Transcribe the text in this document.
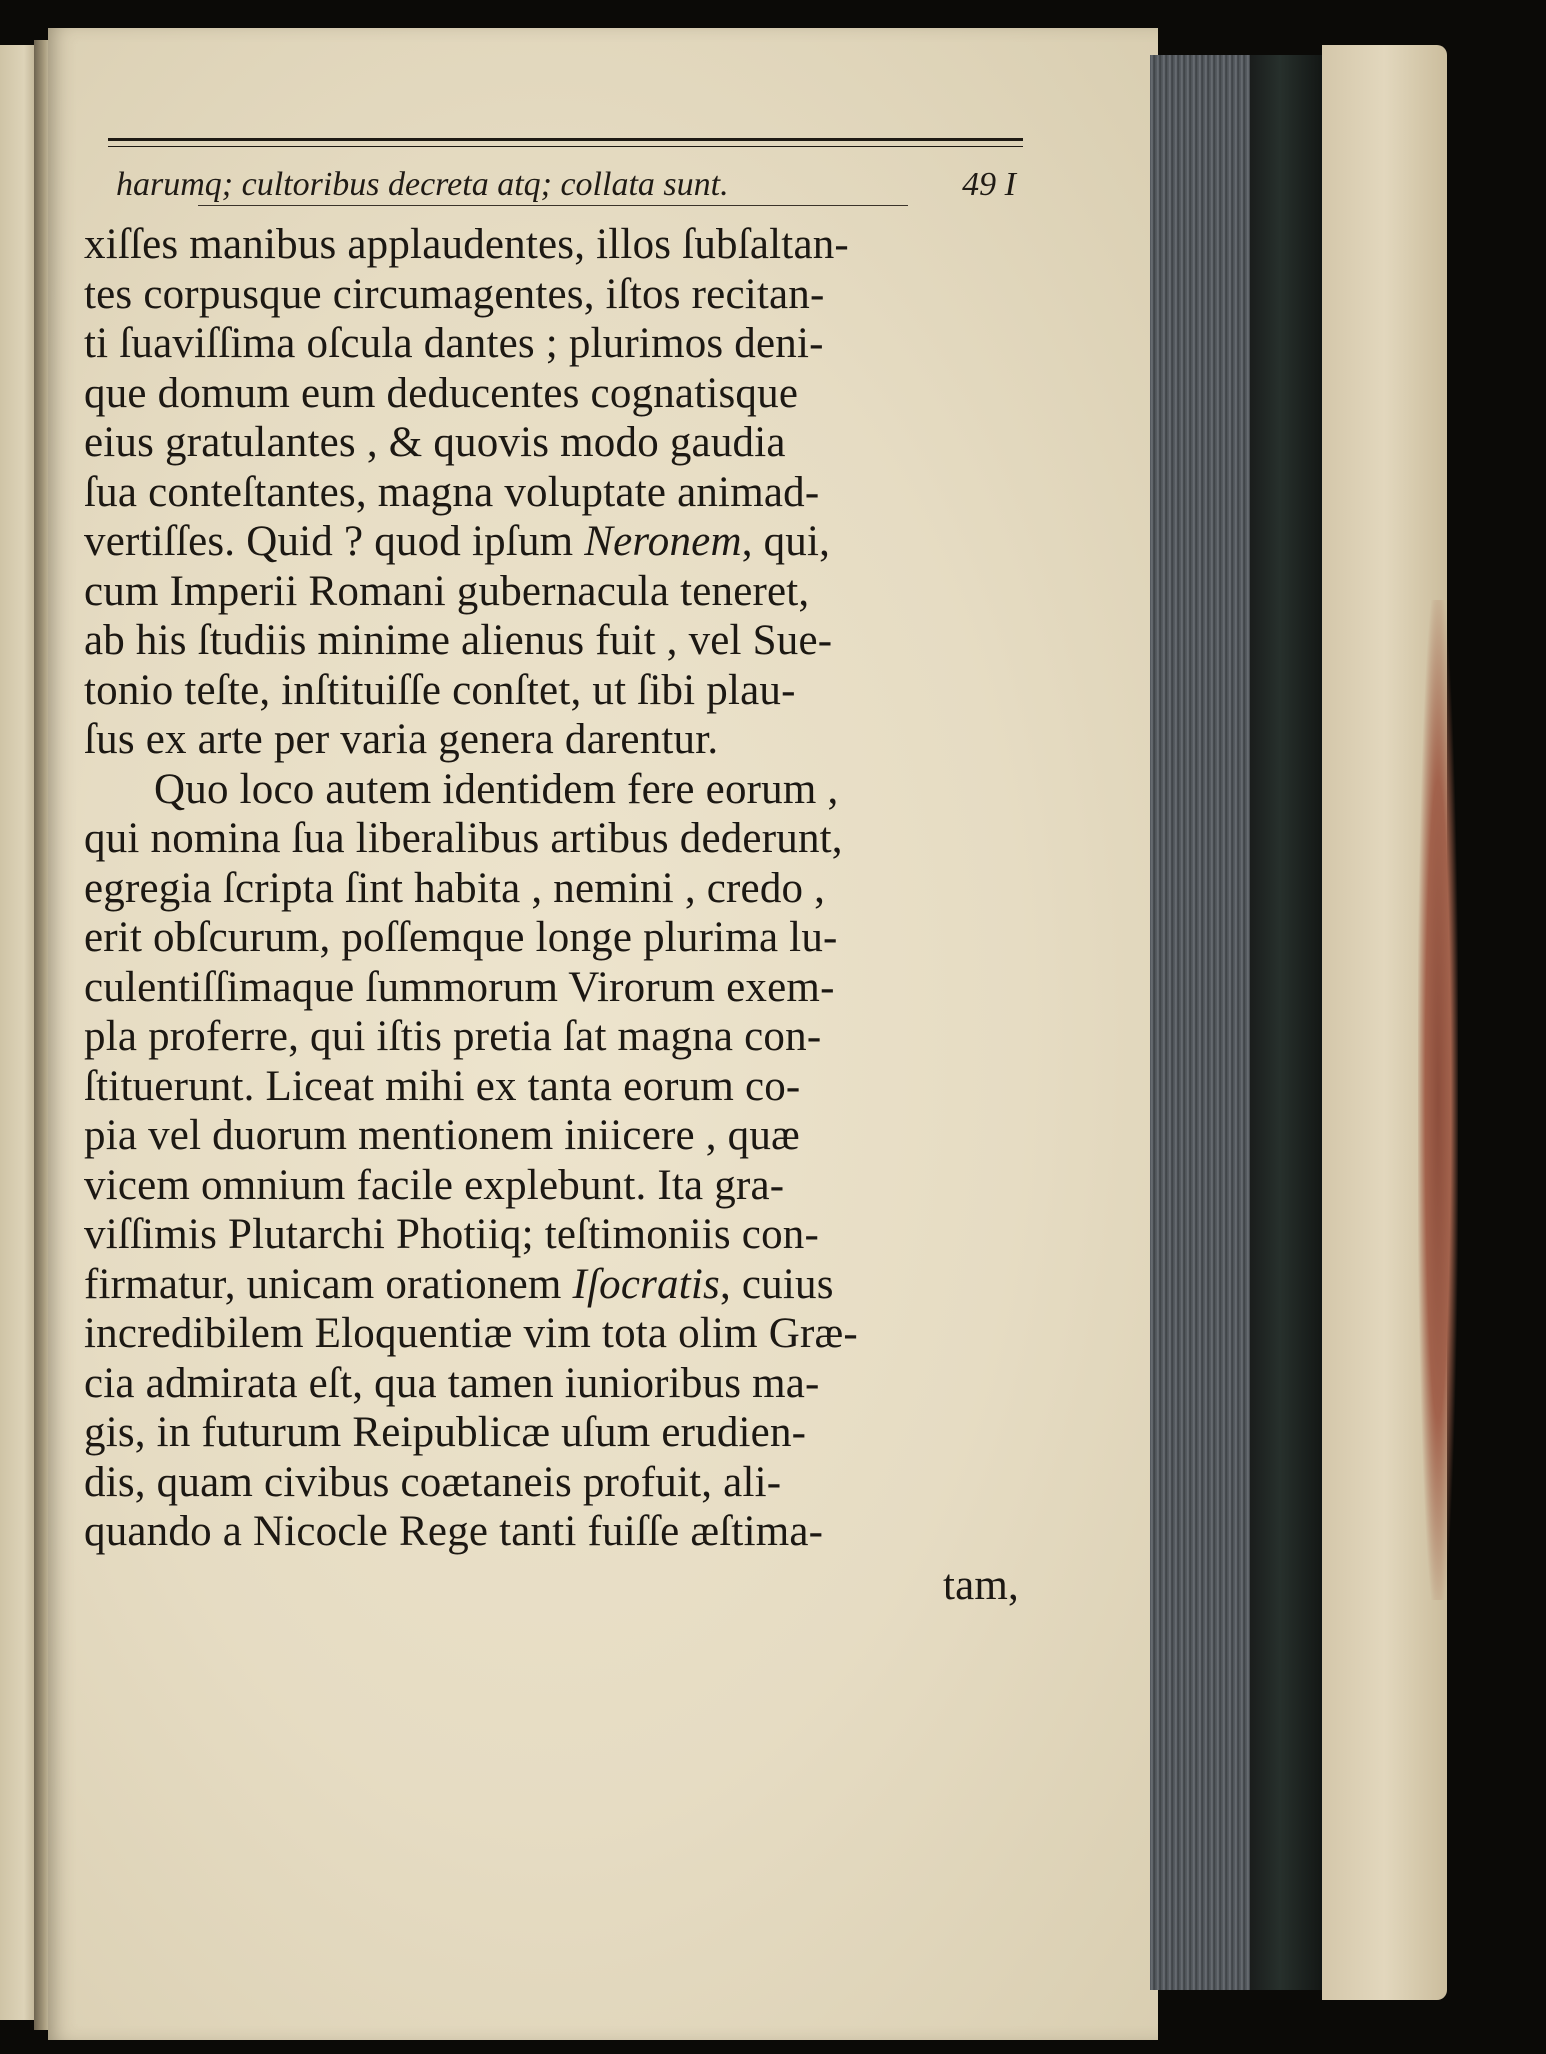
harumq; cultoribus decreta atq; collata sunt.	49 I
xiſſes manibus applaudentes, illos ſubſaltan-
tes corpusque circumagentes, iſtos recitan-
ti ſuaviſſima oſcula dantes ; plurimos deni-
que domum eum deducentes cognatisque
eius gratulantes , & quovis modo gaudia
ſua conteſtantes, magna voluptate animad-
vertiſſes. Quid ? quod ipſum Neronem, qui,
cum Imperii Romani gubernacula teneret,
ab his ſtudiis minime alienus fuit , vel Sue-
tonio teſte, inſtituiſſe conſtet, ut ſibi plau-
ſus ex arte per varia genera darentur.
Quo loco autem identidem fere eorum ,
qui nomina ſua liberalibus artibus dederunt,
egregia ſcripta ſint habita , nemini , credo ,
erit obſcurum, poſſemque longe plurima lu-
culentiſſimaque ſummorum Virorum exem-
pla proferre, qui iſtis pretia ſat magna con-
ſtituerunt. Liceat mihi ex tanta eorum co-
pia vel duorum mentionem iniicere , quæ
vicem omnium facile explebunt. Ita gra-
viſſimis Plutarchi Photiiq; teſtimoniis con-
firmatur, unicam orationem Iſocratis, cuius
incredibilem Eloquentiæ vim tota olim Græ-
cia admirata eſt, qua tamen iunioribus ma-
gis, in futurum Reipublicæ uſum erudien-
dis, quam civibus coætaneis profuit, ali-
quando a Nicocle Rege tanti fuiſſe æſtima-
tam,
